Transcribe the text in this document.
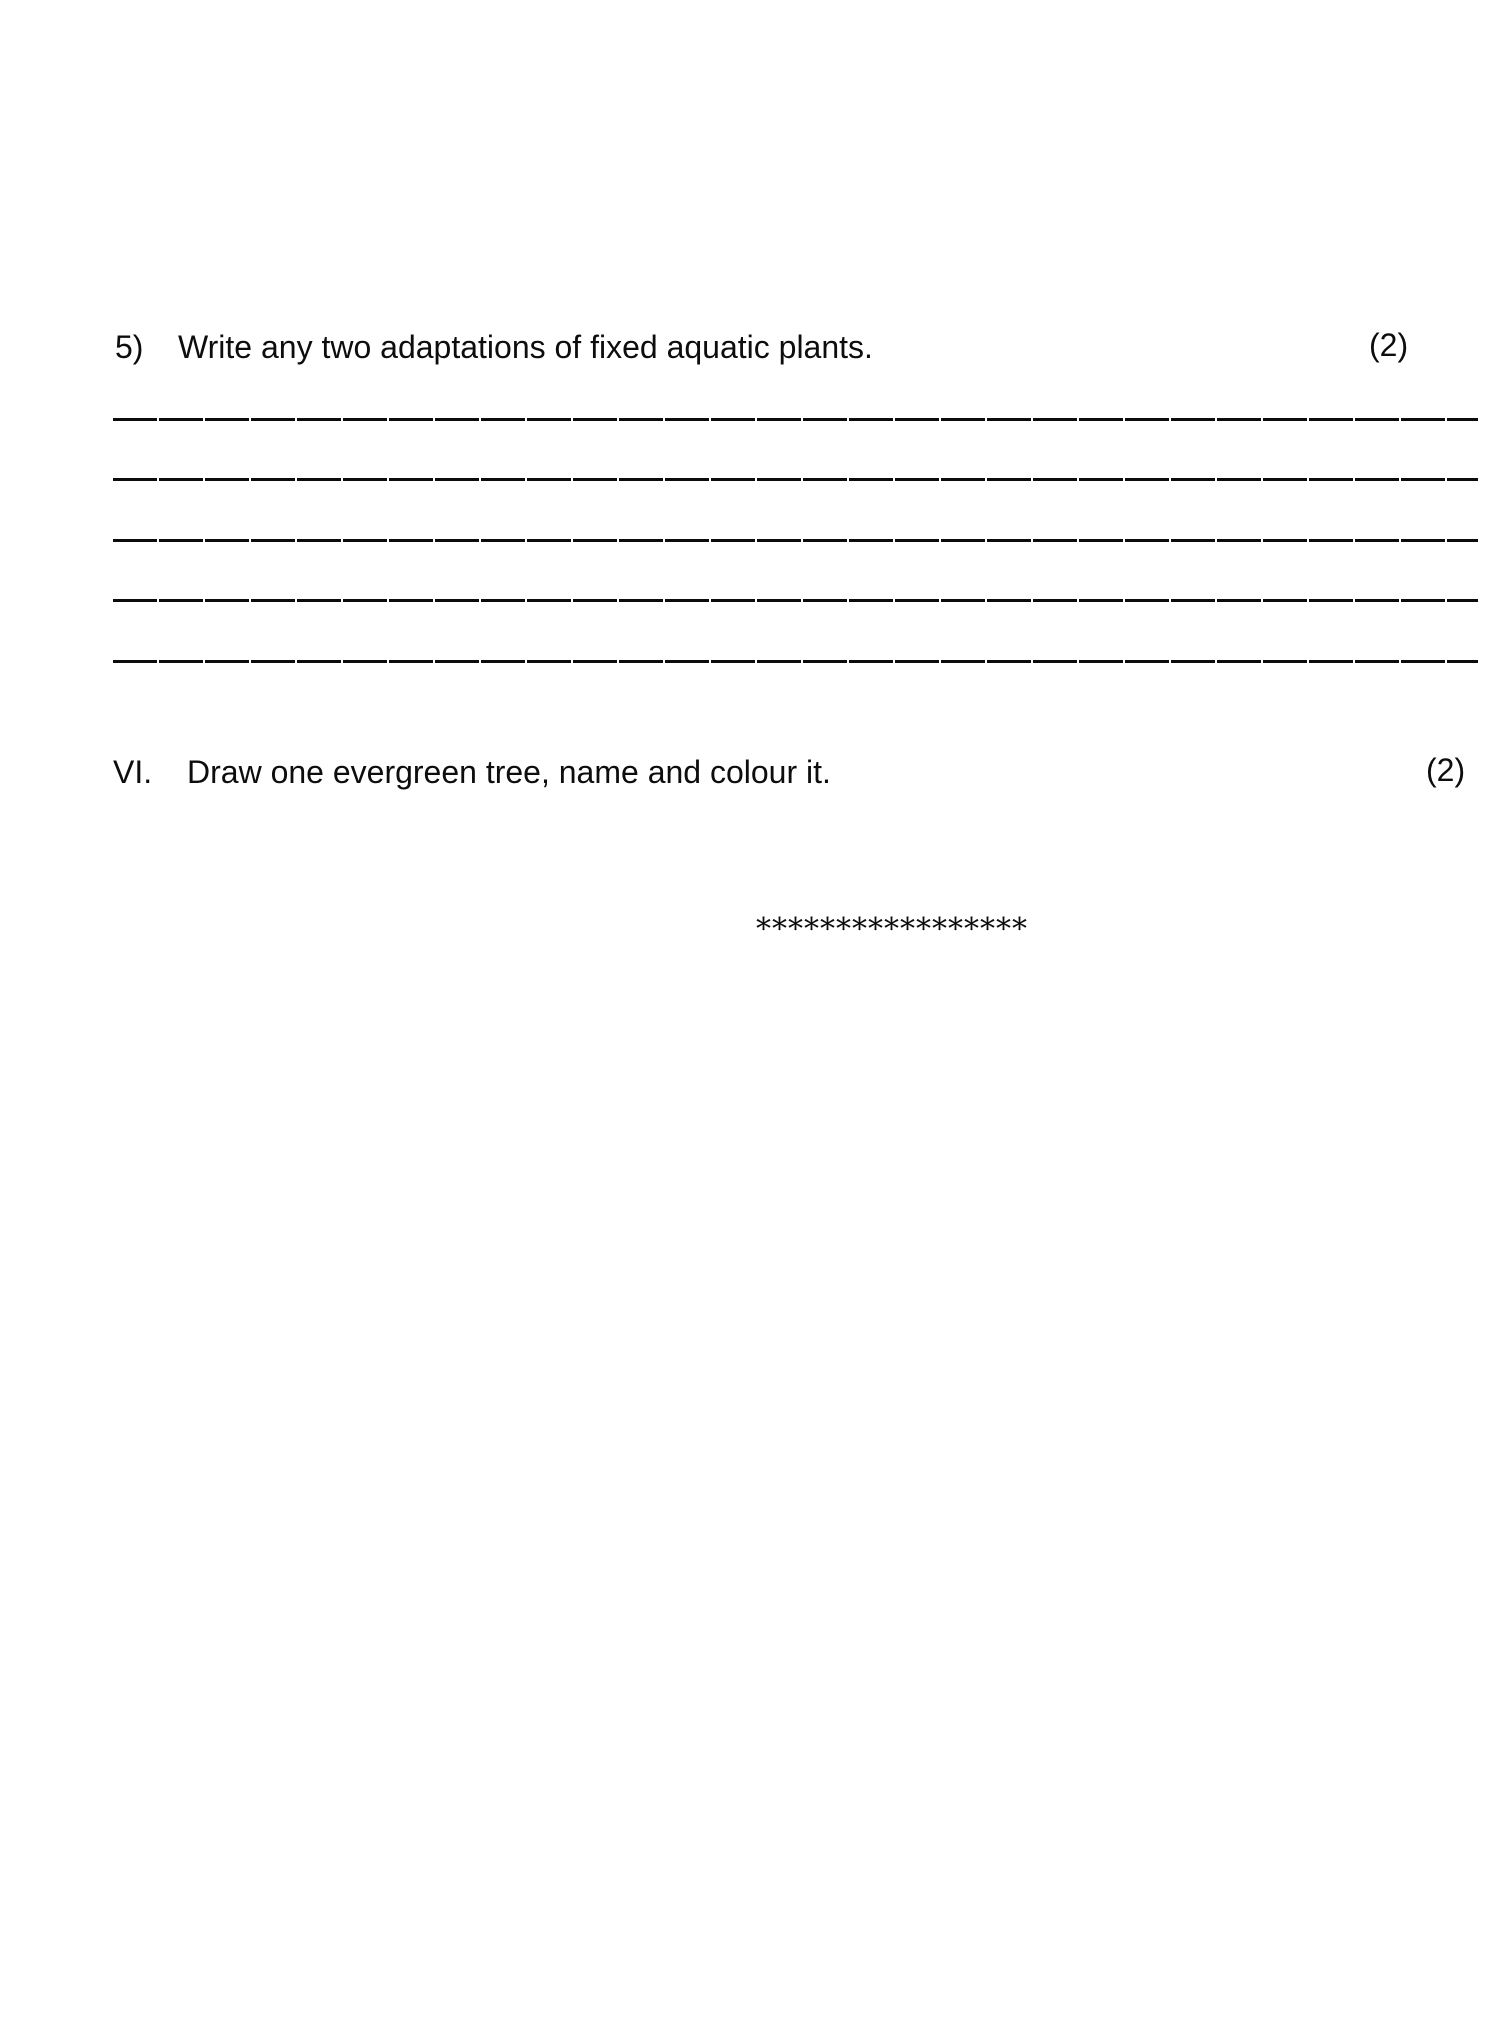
5) Write any two adaptations of fixed aquatic plants.	(2)
VI. Draw one evergreen tree, name and colour it.	(2)
*****************
